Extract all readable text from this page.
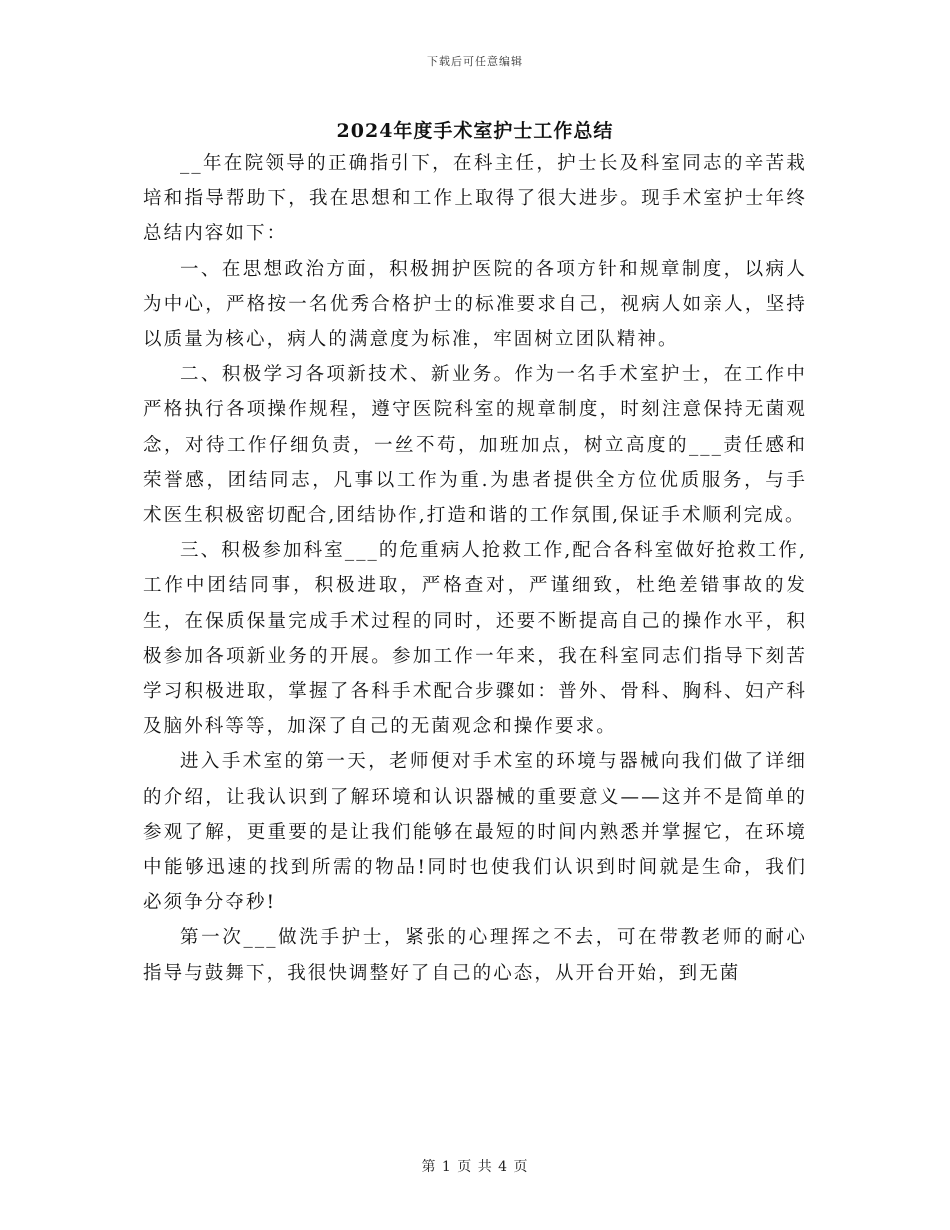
下载后可任意编辑
2024年度手术室护士工作总结

__年在院领导的正确指引下，在科主任，护士长及科室同志的辛苦栽培和指导帮助下，我在思想和工作上取得了很大进步。现手术室护士年终总结内容如下：

一、在思想政治方面，积极拥护医院的各项方针和规章制度，以病人为中心，严格按一名优秀合格护士的标准要求自己，视病人如亲人，坚持以质量为核心，病人的满意度为标准，牢固树立团队精神。

二、积极学习各项新技术、新业务。作为一名手术室护士，在工作中严格执行各项操作规程，遵守医院科室的规章制度，时刻注意保持无菌观念，对待工作仔细负责，一丝不苟，加班加点，树立高度的___责任感和荣誉感，团结同志，凡事以工作为重.为患者提供全方位优质服务，与手术医生积极密切配合,团结协作,打造和谐的工作氛围,保证手术顺利完成。

三、积极参加科室___的危重病人抢救工作,配合各科室做好抢救工作,工作中团结同事，积极进取，严格查对，严谨细致，杜绝差错事故的发生，在保质保量完成手术过程的同时，还要不断提高自己的操作水平，积极参加各项新业务的开展。参加工作一年来，我在科室同志们指导下刻苦学习积极进取，掌握了各科手术配合步骤如：普外、骨科、胸科、妇产科及脑外科等等，加深了自己的无菌观念和操作要求。

进入手术室的第一天，老师便对手术室的环境与器械向我们做了详细的介绍，让我认识到了解环境和认识器械的重要意义——这并不是简单的参观了解，更重要的是让我们能够在最短的时间内熟悉并掌握它，在环境中能够迅速的找到所需的物品!同时也使我们认识到时间就是生命，我们必须争分夺秒!

第一次___做洗手护士，紧张的心理挥之不去，可在带教老师的耐心指导与鼓舞下，我很快调整好了自己的心态，从开台开始，到无菌

第 1 页 共 4 页
